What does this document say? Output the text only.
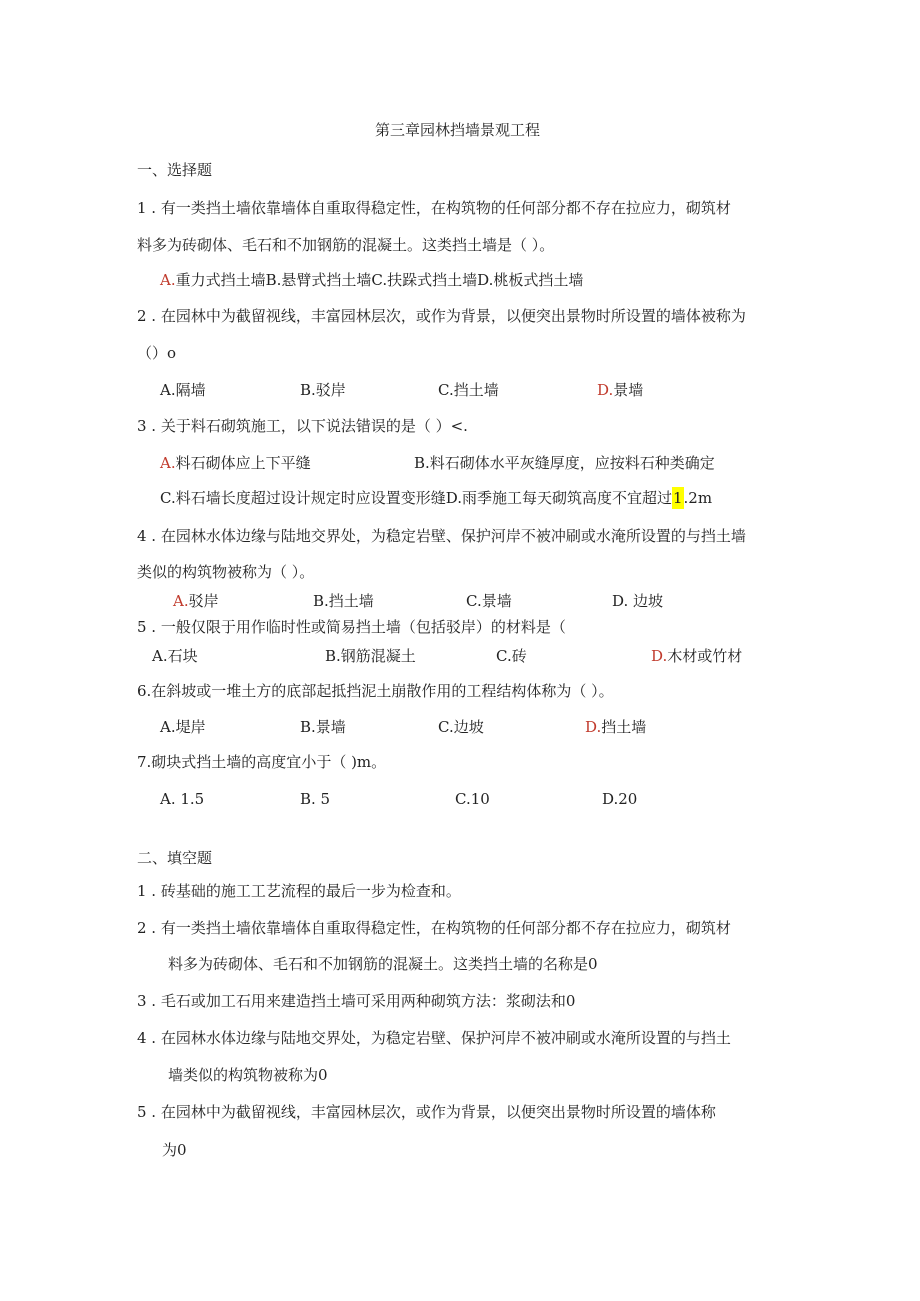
第三章园林挡墙景观工程
一、选择题
1 . 有一类挡土墙依靠墙体自重取得稳定性，在构筑物的任何部分都不存在拉应力，砌筑材
料多为砖砌体、毛石和不加钢筋的混凝土。这类挡土墙是（ ）。
A.重力式挡土墙B.悬臂式挡土墙C.扶跺式挡土墙D.桃板式挡土墙
2 . 在园林中为截留视线，丰富园林层次，或作为背景，以便突出景物时所设置的墙体被称为
（）o
A.隔墙	B.驳岸	C.挡土墙	D.景墙
3 . 关于料石砌筑施工，以下说法错误的是（ ）<.
A.料石砌体应上下平缝	B.料石砌体水平灰缝厚度，应按料石种类确定
C.料石墙长度超过设计规定时应设置变形缝D.雨季施工每天砌筑高度不宜超过1.2m
4 . 在园林水体边缘与陆地交界处，为稳定岩壁、保护河岸不被冲刷或水淹所设置的与挡土墙
类似的构筑物被称为（ ）。
A.驳岸	B.挡土墙	C.景墙	D. 边坡
5 . 一般仅限于用作临时性或简易挡土墙（包括驳岸）的材料是（
A.石块	B.钢筋混凝土	C.砖	D.木材或竹材
6.在斜坡或一堆土方的底部起抵挡泥土崩散作用的工程结构体称为（ ）。
A.堤岸	B.景墙	C.边坡	D.挡土墙
7.砌块式挡土墙的高度宜小于（ )m。
A. 1.5	B. 5	C.10	D.20
二、填空题
1 . 砖基础的施工工艺流程的最后一步为检查和。
2 . 有一类挡土墙依靠墙体自重取得稳定性，在构筑物的任何部分都不存在拉应力，砌筑材
料多为砖砌体、毛石和不加钢筋的混凝土。这类挡土墙的名称是0
3 . 毛石或加工石用来建造挡土墙可采用两种砌筑方法：浆砌法和0
4 . 在园林水体边缘与陆地交界处，为稳定岩壁、保护河岸不被冲刷或水淹所设置的与挡土
墙类似的构筑物被称为0
5 . 在园林中为截留视线，丰富园林层次，或作为背景，以便突出景物时所设置的墙体称
为0
